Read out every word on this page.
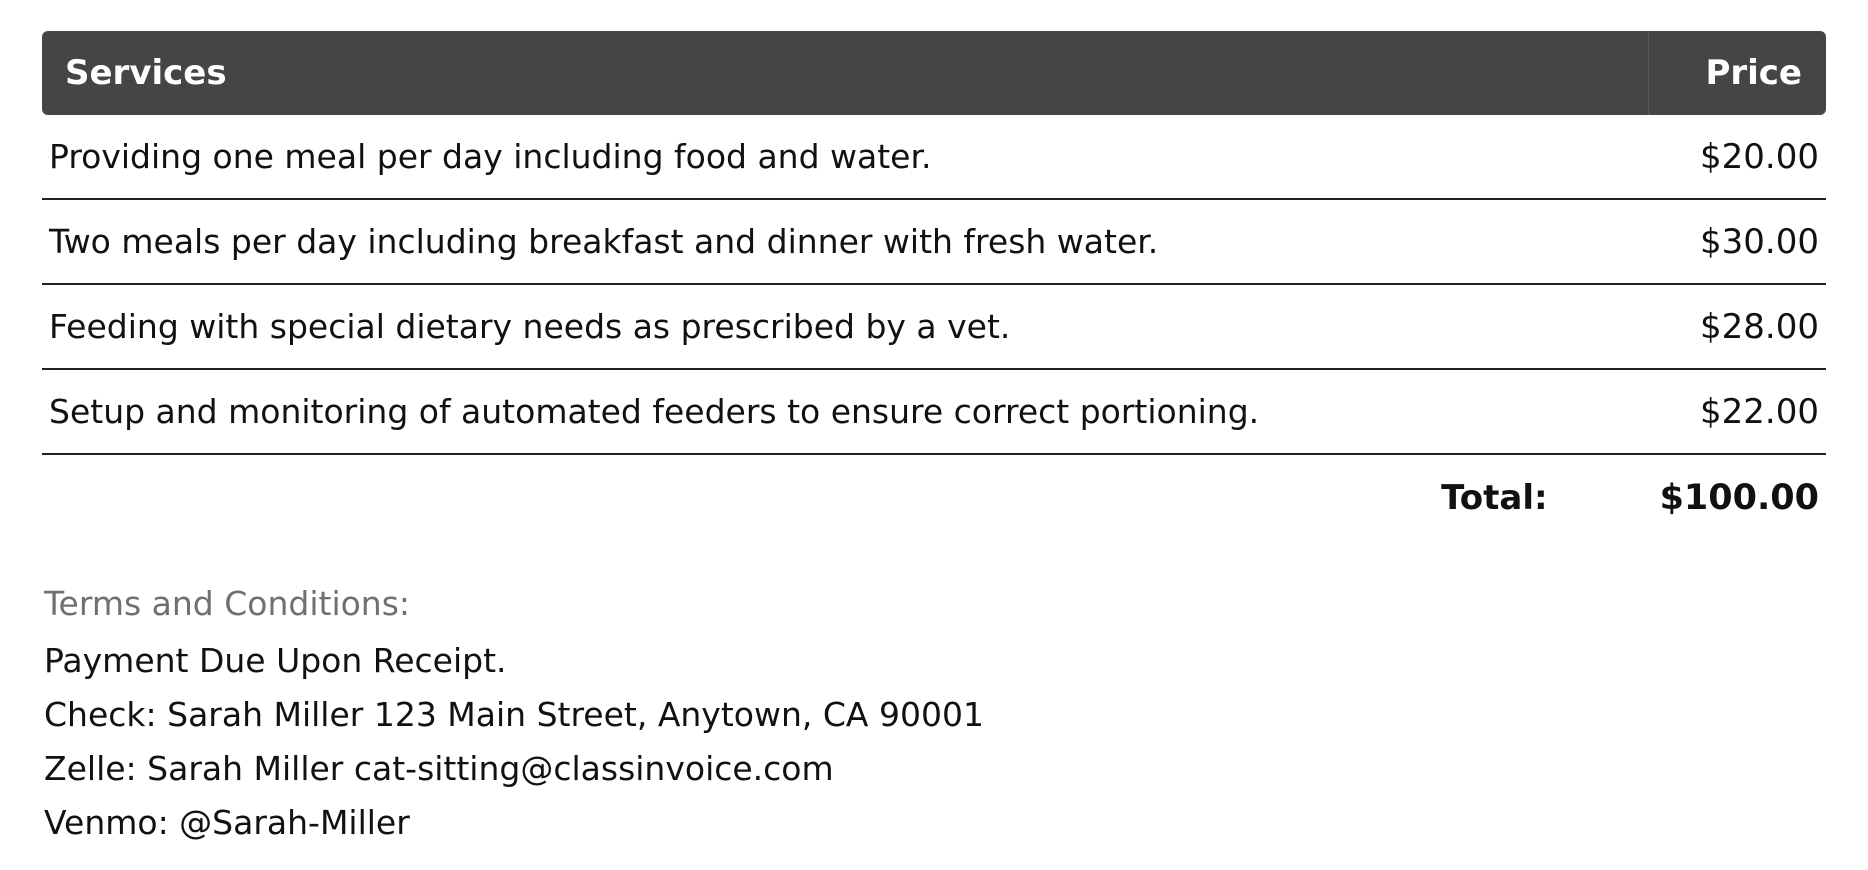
Services	Price
Providing one meal per day including food and water.	$20.00
Two meals per day including breakfast and dinner with fresh water.	$30.00
Feeding with special dietary needs as prescribed by a vet.	$28.00
Setup and monitoring of automated feeders to ensure correct portioning.	$22.00
Total:	$100.00
Terms and Conditions:
Payment Due Upon Receipt.
Check: Sarah Miller 123 Main Street, Anytown, CA 90001
Zelle: Sarah Miller cat-sitting@classinvoice.com
Venmo: @Sarah-Miller
